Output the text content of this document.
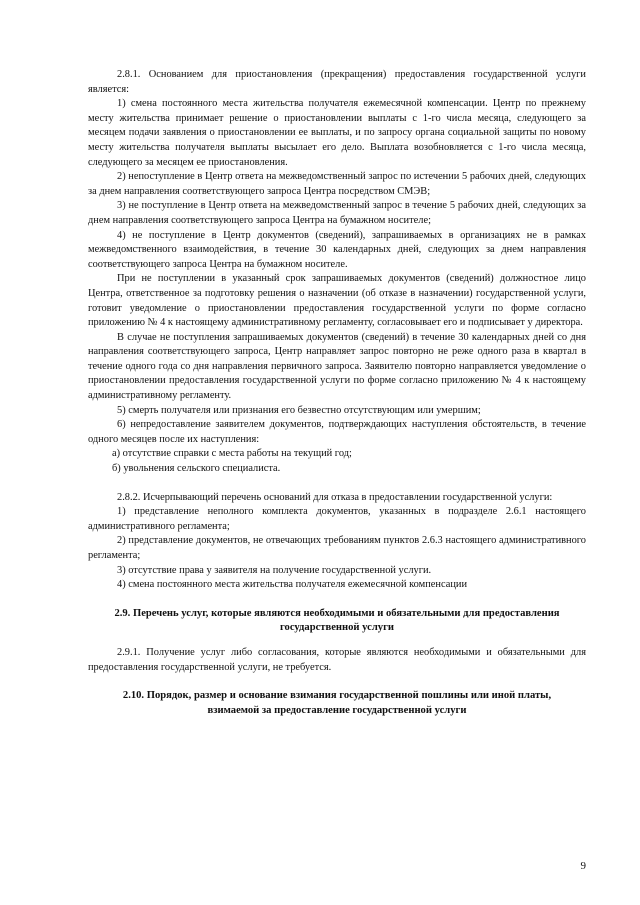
2.8.1. Основанием для приостановления (прекращения) предоставления государственной услуги является:

1) смена постоянного места жительства получателя ежемесячной компенсации. Центр по прежнему месту жительства принимает решение о приостановлении выплаты с 1-го числа месяца, следующего за месяцем подачи заявления о приостановлении ее выплаты, и по запросу органа социальной защиты по новому месту жительства получателя выплаты высылает его дело. Выплата возобновляется с 1-го числа месяца, следующего за месяцем ее приостановления.

2) непоступление в Центр ответа на межведомственный запрос по истечении 5 рабочих дней, следующих за днем направления соответствующего запроса Центра посредством СМЭВ;

3) не поступление в Центр ответа на межведомственный запрос в течение 5 рабочих дней, следующих за днем направления соответствующего запроса Центра на бумажном носителе;

4) не поступление в Центр документов (сведений), запрашиваемых в организациях не в рамках межведомственного взаимодействия, в течение 30 календарных дней, следующих за днем направления соответствующего запроса Центра на бумажном носителе.

При не поступлении в указанный срок запрашиваемых документов (сведений) должностное лицо Центра, ответственное за подготовку решения о назначении (об отказе в назначении) государственной услуги, готовит уведомление о приостановлении предоставления государственной услуги по форме согласно приложению № 4 к настоящему административному регламенту, согласовывает его и подписывает у директора.

В случае не поступления запрашиваемых документов (сведений) в течение 30 календарных дней со дня направления соответствующего запроса, Центр направляет запрос повторно не реже одного раза в квартал в течение одного года со дня направления первичного запроса. Заявителю повторно направляется уведомление о приостановлении предоставления государственной услуги по форме согласно приложению № 4 к настоящему административному регламенту.

5) смерть получателя или признания его безвестно отсутствующим или умершим;

6) непредоставление заявителем документов, подтверждающих наступления обстоятельств, в течение одного месяцев после их наступления:

а) отсутствие справки с места работы на текущий год;

б) увольнения сельского специалиста.

2.8.2. Исчерпывающий перечень оснований для отказа в предоставлении государственной услуги:

1) представление неполного комплекта документов, указанных в подразделе 2.6.1 настоящего административного регламента;

2) представление документов, не отвечающих требованиям пунктов 2.6.3 настоящего административного регламента;

3) отсутствие права у заявителя на получение государственной услуги.

4) смена постоянного места жительства получателя ежемесячной компенсации

2.9. Перечень услуг, которые являются необходимыми и обязательными для предоставления государственной услуги

2.9.1. Получение услуг либо согласования, которые являются необходимыми и обязательными для предоставления государственной услуги, не требуется.

2.10. Порядок, размер и основание взимания государственной пошлины или иной платы, взимаемой за предоставление государственной услуги
9
